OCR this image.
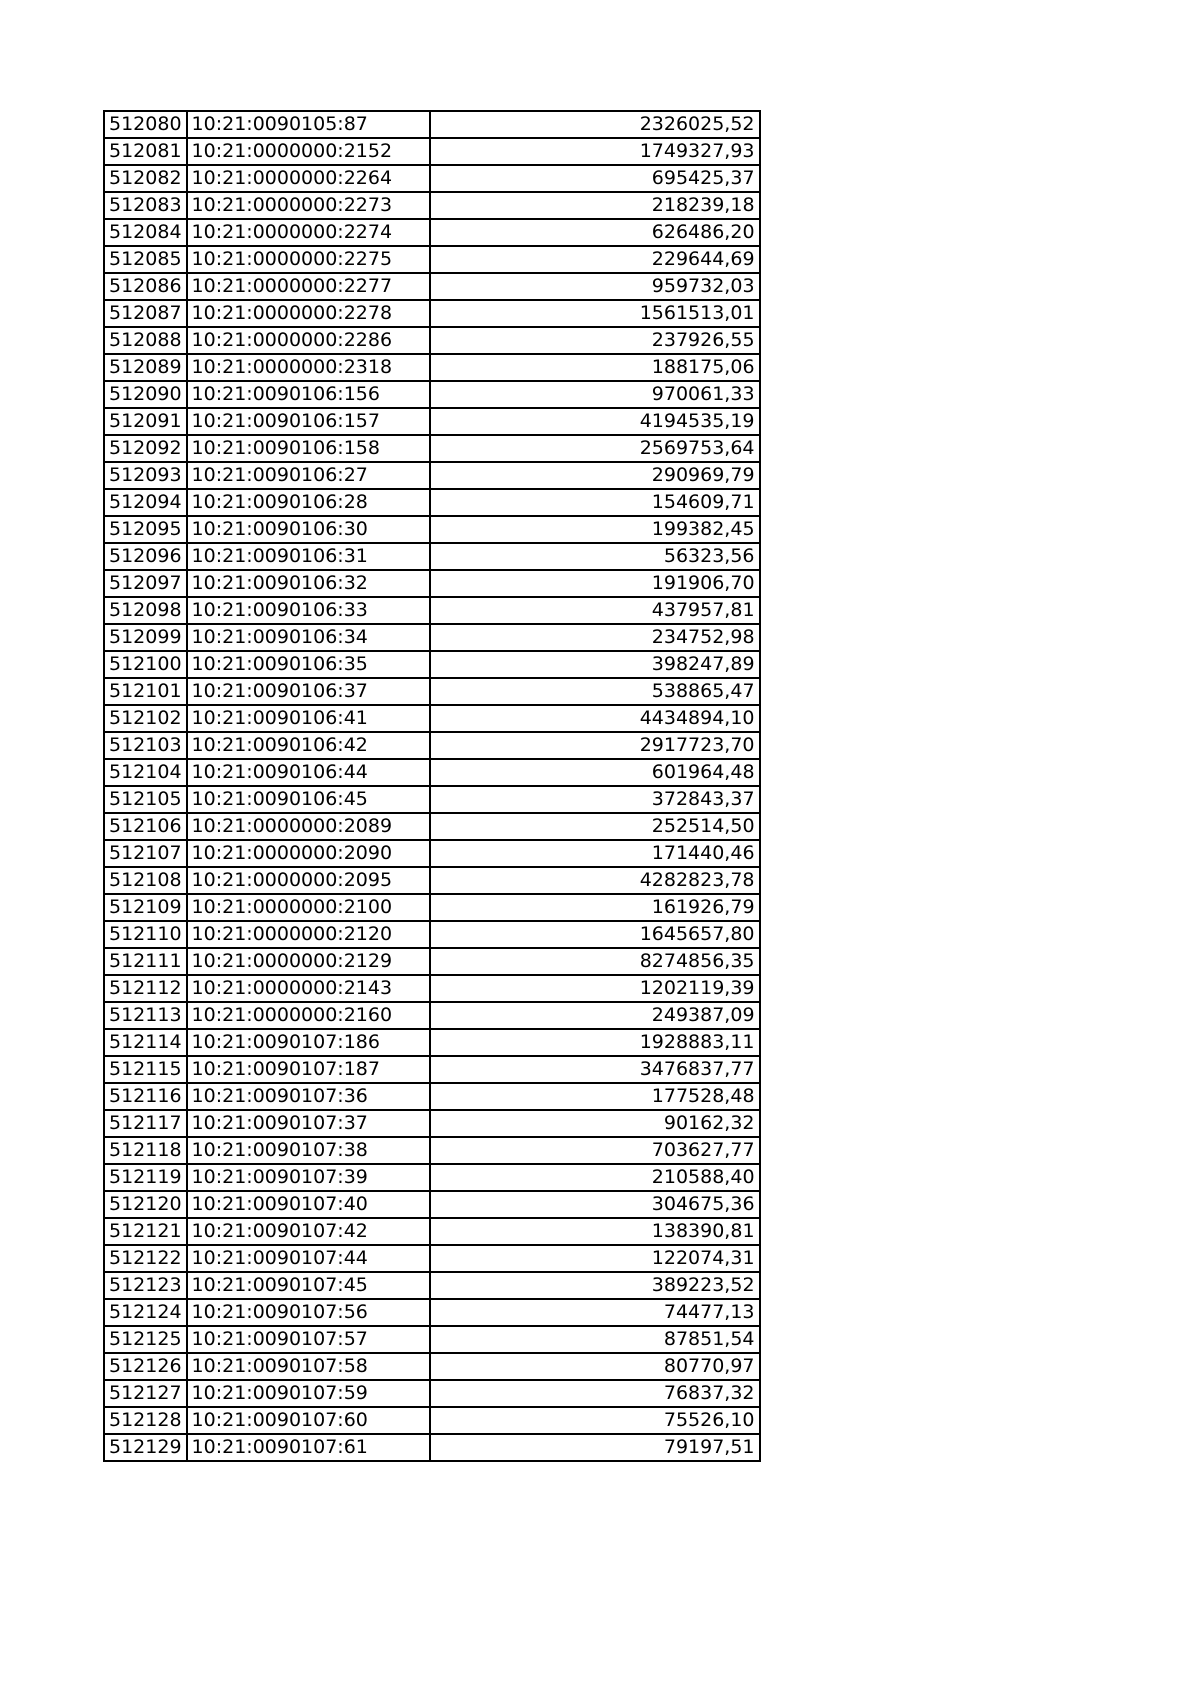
512080	10:21:0090105:87	2326025,52
512081	10:21:0000000:2152	1749327,93
512082	10:21:0000000:2264	695425,37
512083	10:21:0000000:2273	218239,18
512084	10:21:0000000:2274	626486,20
512085	10:21:0000000:2275	229644,69
512086	10:21:0000000:2277	959732,03
512087	10:21:0000000:2278	1561513,01
512088	10:21:0000000:2286	237926,55
512089	10:21:0000000:2318	188175,06
512090	10:21:0090106:156	970061,33
512091	10:21:0090106:157	4194535,19
512092	10:21:0090106:158	2569753,64
512093	10:21:0090106:27	290969,79
512094	10:21:0090106:28	154609,71
512095	10:21:0090106:30	199382,45
512096	10:21:0090106:31	56323,56
512097	10:21:0090106:32	191906,70
512098	10:21:0090106:33	437957,81
512099	10:21:0090106:34	234752,98
512100	10:21:0090106:35	398247,89
512101	10:21:0090106:37	538865,47
512102	10:21:0090106:41	4434894,10
512103	10:21:0090106:42	2917723,70
512104	10:21:0090106:44	601964,48
512105	10:21:0090106:45	372843,37
512106	10:21:0000000:2089	252514,50
512107	10:21:0000000:2090	171440,46
512108	10:21:0000000:2095	4282823,78
512109	10:21:0000000:2100	161926,79
512110	10:21:0000000:2120	1645657,80
512111	10:21:0000000:2129	8274856,35
512112	10:21:0000000:2143	1202119,39
512113	10:21:0000000:2160	249387,09
512114	10:21:0090107:186	1928883,11
512115	10:21:0090107:187	3476837,77
512116	10:21:0090107:36	177528,48
512117	10:21:0090107:37	90162,32
512118	10:21:0090107:38	703627,77
512119	10:21:0090107:39	210588,40
512120	10:21:0090107:40	304675,36
512121	10:21:0090107:42	138390,81
512122	10:21:0090107:44	122074,31
512123	10:21:0090107:45	389223,52
512124	10:21:0090107:56	74477,13
512125	10:21:0090107:57	87851,54
512126	10:21:0090107:58	80770,97
512127	10:21:0090107:59	76837,32
512128	10:21:0090107:60	75526,10
512129	10:21:0090107:61	79197,51
